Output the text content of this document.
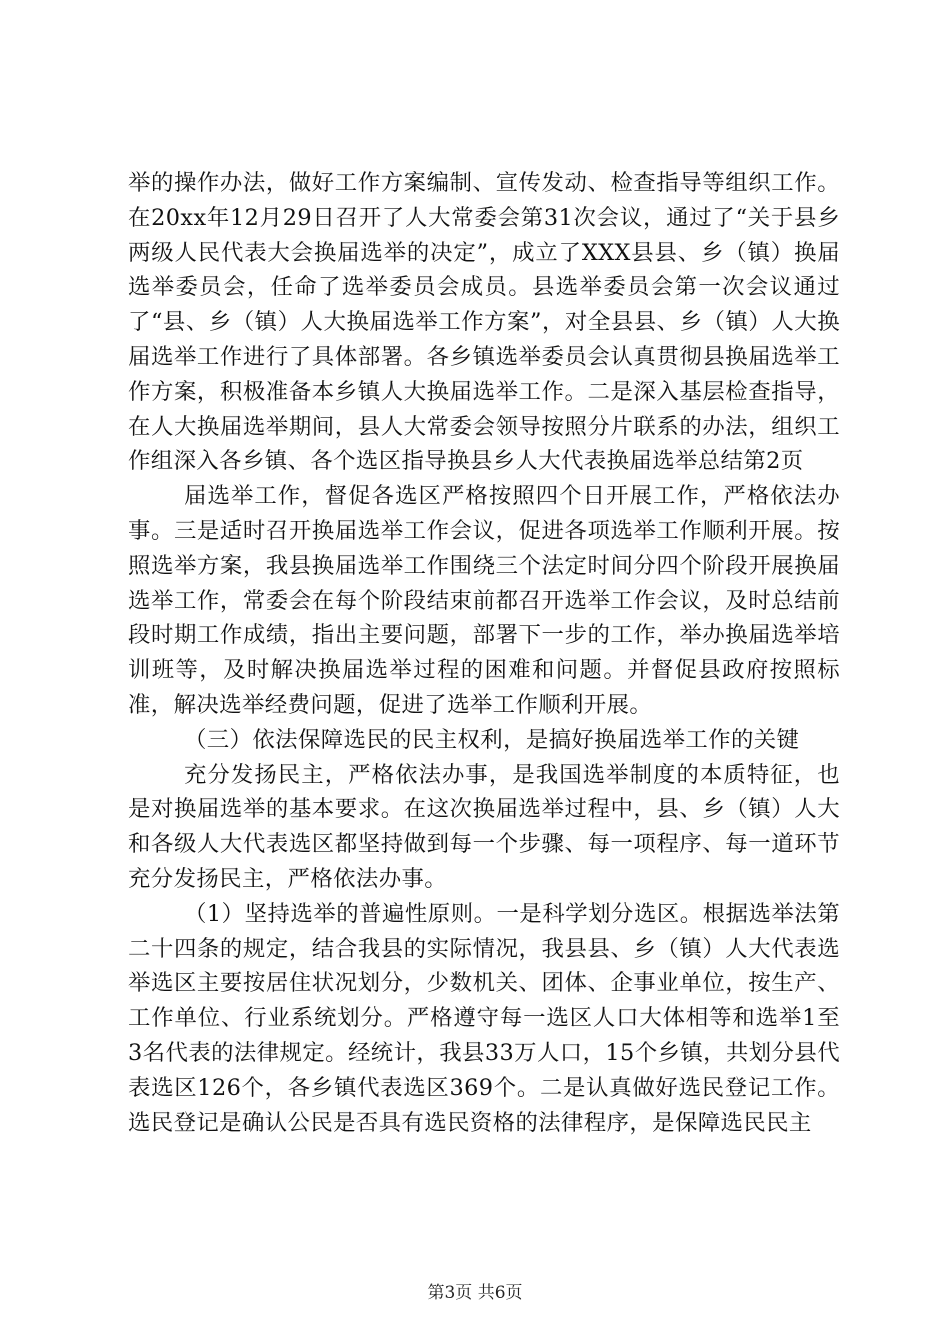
举的操作办法，做好工作方案编制、宣传发动、检查指导等组织工作。在20xx年12月29日召开了人大常委会第31次会议，通过了“关于县乡两级人民代表大会换届选举的决定”，成立了XXX县县、乡（镇）换届选举委员会，任命了选举委员会成员。县选举委员会第一次会议通过了“县、乡（镇）人大换届选举工作方案”，对全县县、乡（镇）人大换届选举工作进行了具体部署。各乡镇选举委员会认真贯彻县换届选举工作方案，积极准备本乡镇人大换届选举工作。二是深入基层检查指导，在人大换届选举期间，县人大常委会领导按照分片联系的办法，组织工作组深入各乡镇、各个选区指导换县乡人大代表换届选举总结第2页

届选举工作，督促各选区严格按照四个日开展工作，严格依法办事。三是适时召开换届选举工作会议，促进各项选举工作顺利开展。按照选举方案，我县换届选举工作围绕三个法定时间分四个阶段开展换届选举工作，常委会在每个阶段结束前都召开选举工作会议，及时总结前段时期工作成绩，指出主要问题，部署下一步的工作，举办换届选举培训班等，及时解决换届选举过程的困难和问题。并督促县政府按照标准，解决选举经费问题，促进了选举工作顺利开展。

（三）依法保障选民的民主权利，是搞好换届选举工作的关键

充分发扬民主，严格依法办事，是我国选举制度的本质特征，也是对换届选举的基本要求。在这次换届选举过程中，县、乡（镇）人大和各级人大代表选区都坚持做到每一个步骤、每一项程序、每一道环节充分发扬民主，严格依法办事。

（1）坚持选举的普遍性原则。一是科学划分选区。根据选举法第二十四条的规定，结合我县的实际情况，我县县、乡（镇）人大代表选举选区主要按居住状况划分，少数机关、团体、企事业单位，按生产、工作单位、行业系统划分。严格遵守每一选区人口大体相等和选举1至3名代表的法律规定。经统计，我县33万人口，15个乡镇，共划分县代表选区126个，各乡镇代表选区369个。二是认真做好选民登记工作。选民登记是确认公民是否具有选民资格的法律程序，是保障选民民主

第3页 共6页
